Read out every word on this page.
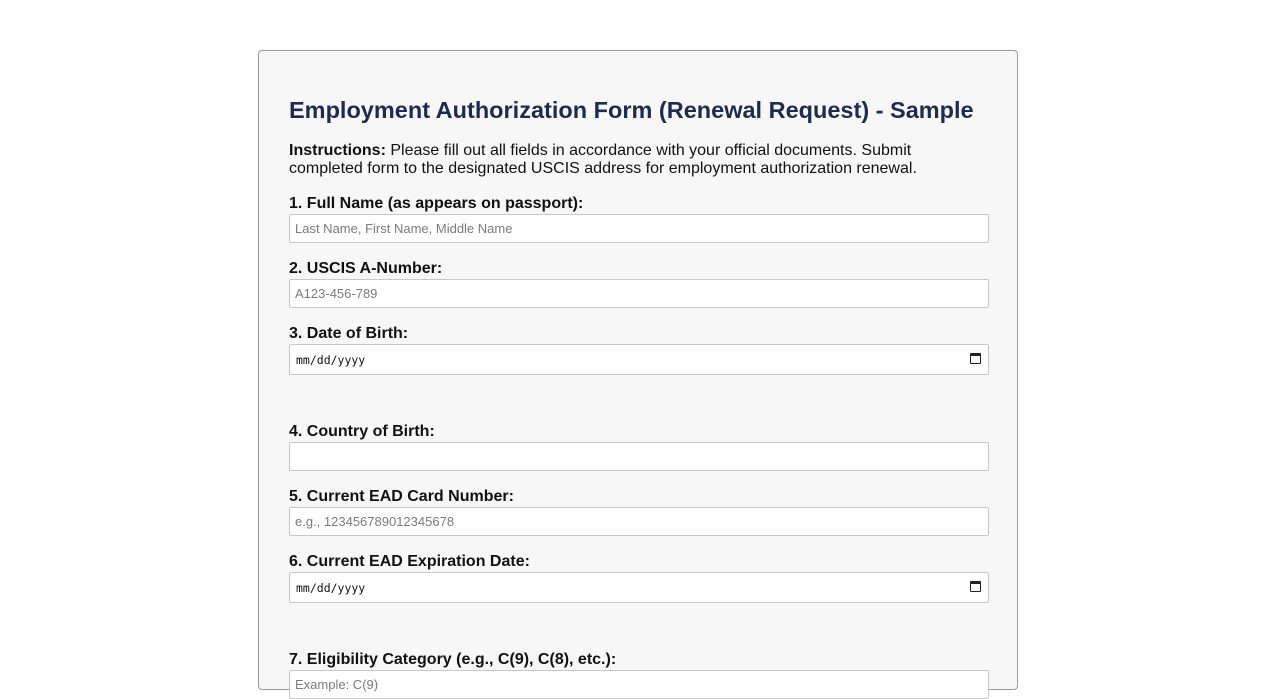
Employment Authorization Form (Renewal Request) - Sample

Instructions: Please fill out all fields in accordance with your official documents. Submit completed form to the designated USCIS address for employment authorization renewal.

1. Full Name (as appears on passport):
Last Name, First Name, Middle Name
2. USCIS A-Number:
A123-456-789
3. Date of Birth:
mm/dd/yyyy
4. Country of Birth:
5. Current EAD Card Number:
e.g., 123456789012345678
6. Current EAD Expiration Date:
mm/dd/yyyy
7. Eligibility Category (e.g., C(9), C(8), etc.):
Example: C(9)
